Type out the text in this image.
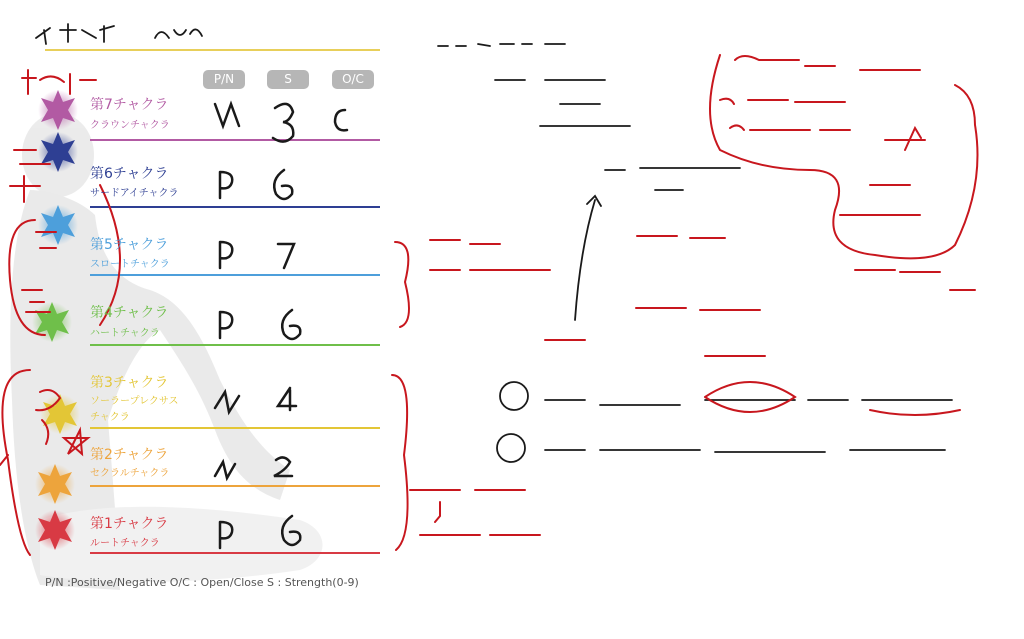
P/N	S	O/C
第7チャクラ
クラウンチャクラ
第6チャクラ
サードアイチャクラ
第5チャクラ
スロートチャクラ
第4チャクラ
ハートチャクラ
第3チャクラ
ソーラープレクサス
チャクラ
第2チャクラ
セクラルチャクラ
第1チャクラ
ルートチャクラ
P/N :Positive/Negative O/C : Open/Close S : Strength(0-9)
